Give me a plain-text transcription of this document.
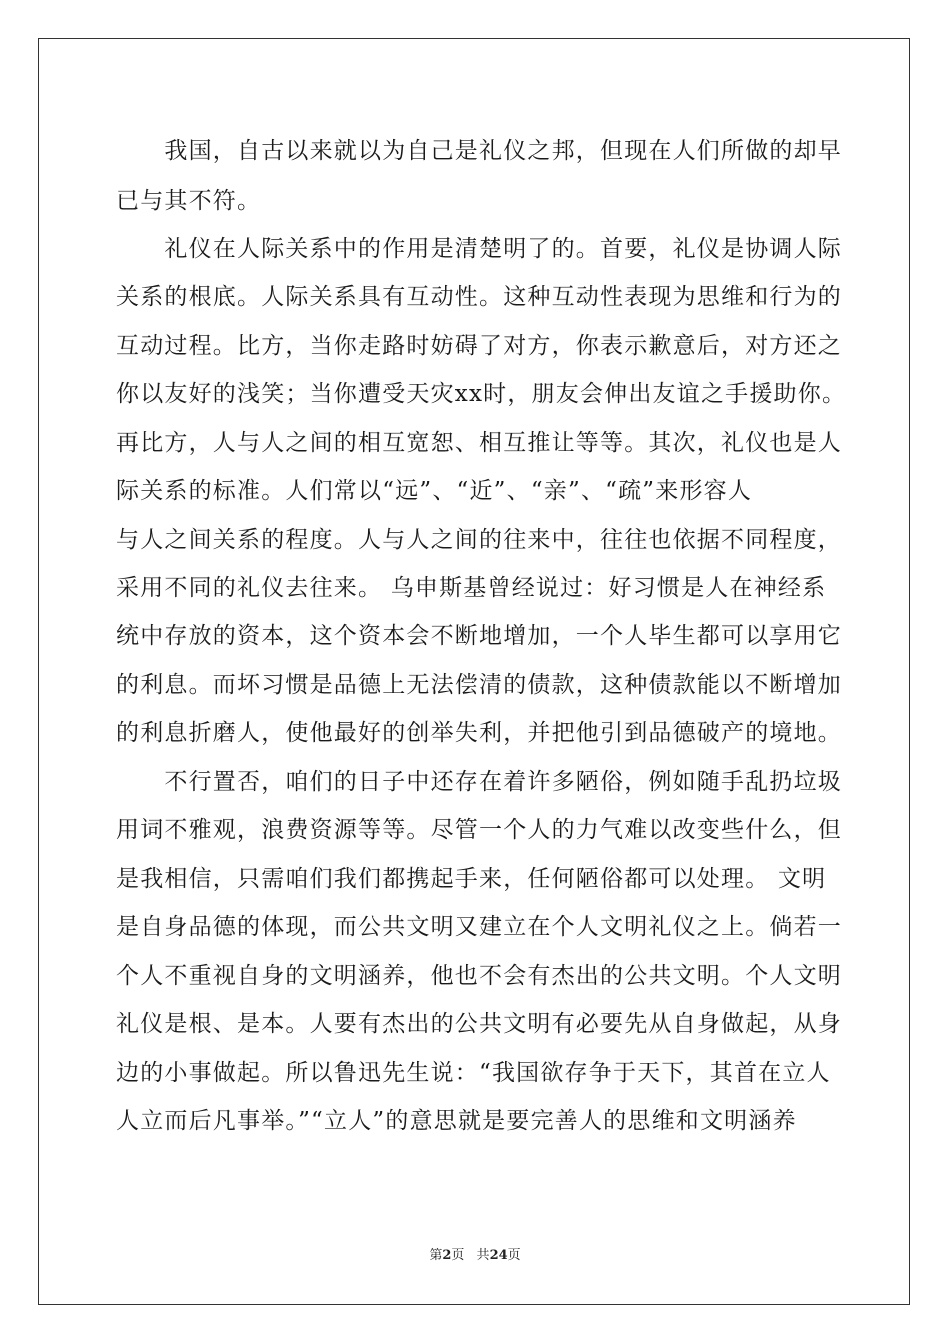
　　我国，自古以来就以为自己是礼仪之邦，但现在人们所做的却早
已与其不符。
　　礼仪在人际关系中的作用是清楚明了的。首要，礼仪是协调人际
关系的根底。人际关系具有互动性。这种互动性表现为思维和行为的
互动过程。比方，当你走路时妨碍了对方，你表示歉意后，对方还之
你以友好的浅笑；当你遭受天灾xx时，朋友会伸出友谊之手援助你。
再比方，人与人之间的相互宽恕、相互推让等等。其次，礼仪也是人
际关系的标准。人们常以“远”、“近”、“亲”、“疏”来形容人
与人之间关系的程度。人与人之间的往来中，往往也依据不同程度，
采用不同的礼仪去往来。 乌申斯基曾经说过：好习惯是人在神经系
统中存放的资本，这个资本会不断地增加，一个人毕生都可以享用它
的利息。而坏习惯是品德上无法偿清的债款，这种债款能以不断增加
的利息折磨人，使他最好的创举失利，并把他引到品德破产的境地。
　　不行置否，咱们的日子中还存在着许多陋俗，例如随手乱扔垃圾
用词不雅观，浪费资源等等。尽管一个人的力气难以改变些什么，但
是我相信，只需咱们我们都携起手来，任何陋俗都可以处理。 文明
是自身品德的体现，而公共文明又建立在个人文明礼仪之上。倘若一
个人不重视自身的文明涵养，他也不会有杰出的公共文明。个人文明
礼仪是根、是本。人要有杰出的公共文明有必要先从自身做起，从身
边的小事做起。所以鲁迅先生说：“我国欲存争于天下，其首在立人
人立而后凡事举。”“立人”的意思就是要完善人的思维和文明涵养
第2页 共24页
